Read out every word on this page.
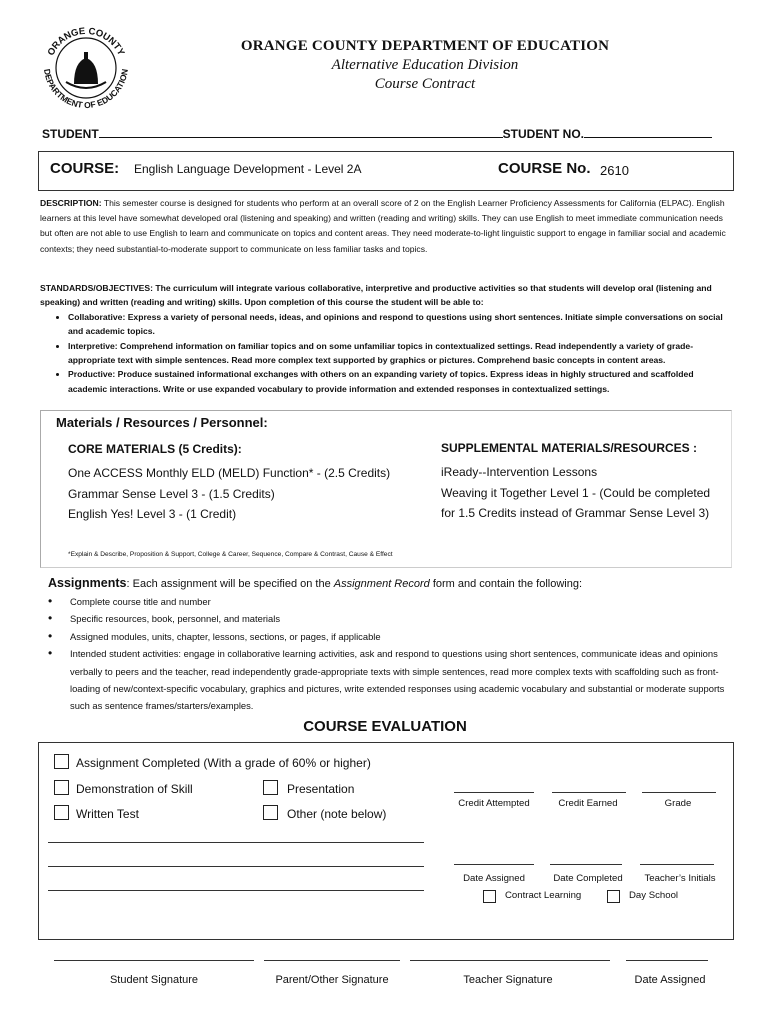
ORANGE COUNTY
DEPARTMENT OF EDUCATION
ORANGE COUNTY DEPARTMENT OF EDUCATION
Alternative Education Division
Course Contract
STUDENT	STUDENT NO.
COURSE: English Language Development - Level 2A	COURSE No. 2610
DESCRIPTION: This semester course is designed for students who perform at an overall score of 2 on the English Learner Proficiency Assessments for California (ELPAC). English learners at this level have somewhat developed oral (listening and speaking) and written (reading and writing) skills. They can use English to meet immediate communication needs but often are not able to use English to learn and communicate on topics and content areas. They need moderate-to-light linguistic support to engage in familiar social and academic contexts; they need substantial-to-moderate support to communicate on less familiar tasks and topics.
STANDARDS/OBJECTIVES: The curriculum will integrate various collaborative, interpretive and productive activities so that students will develop oral (listening and speaking) and written (reading and writing) skills. Upon completion of this course the student will be able to:
• Collaborative: Express a variety of personal needs, ideas, and opinions and respond to questions using short sentences. Initiate simple conversations on social and academic topics.
• Interpretive: Comprehend information on familiar topics and on some unfamiliar topics in contextualized settings. Read independently a variety of grade-appropriate text with simple sentences. Read more complex text supported by graphics or pictures. Comprehend basic concepts in content areas.
• Productive: Produce sustained informational exchanges with others on an expanding variety of topics. Express ideas in highly structured and scaffolded academic interactions. Write or use expanded vocabulary to provide information and extended responses in contextualized settings.
Materials / Resources / Personnel:
CORE MATERIALS (5 Credits):	SUPPLEMENTAL MATERIALS/RESOURCES :
One ACCESS Monthly ELD (MELD) Function* - (2.5 Credits)
Grammar Sense Level 3 - (1.5 Credits)
English Yes! Level 3 - (1 Credit)
iReady--Intervention Lessons
Weaving it Together Level 1 - (Could be completed for 1.5 Credits instead of Grammar Sense Level 3)
*Explain & Describe, Proposition & Support, College & Career, Sequence, Compare & Contrast, Cause & Effect
Assignments: Each assignment will be specified on the Assignment Record form and contain the following:
• Complete course title and number
• Specific resources, book, personnel, and materials
• Assigned modules, units, chapter, lessons, sections, or pages, if applicable
• Intended student activities: engage in collaborative learning activities, ask and respond to questions using short sentences, communicate ideas and opinions verbally to peers and the teacher, read independently grade-appropriate texts with simple sentences, read more complex texts with scaffolding such as front-loading of new/context-specific vocabulary, graphics and pictures, write extended responses using academic vocabulary and substantial or moderate supports such as sentence frames/starters/examples.
COURSE EVALUATION
Assignment Completed (With a grade of 60% or higher)
Demonstration of Skill	Presentation
Written Test	Other (note below)
Credit Attempted	Credit Earned	Grade
Date Assigned	Date Completed	Teacher’s Initials
Contract Learning	Day School
Student Signature	Parent/Other Signature	Teacher Signature	Date Assigned
